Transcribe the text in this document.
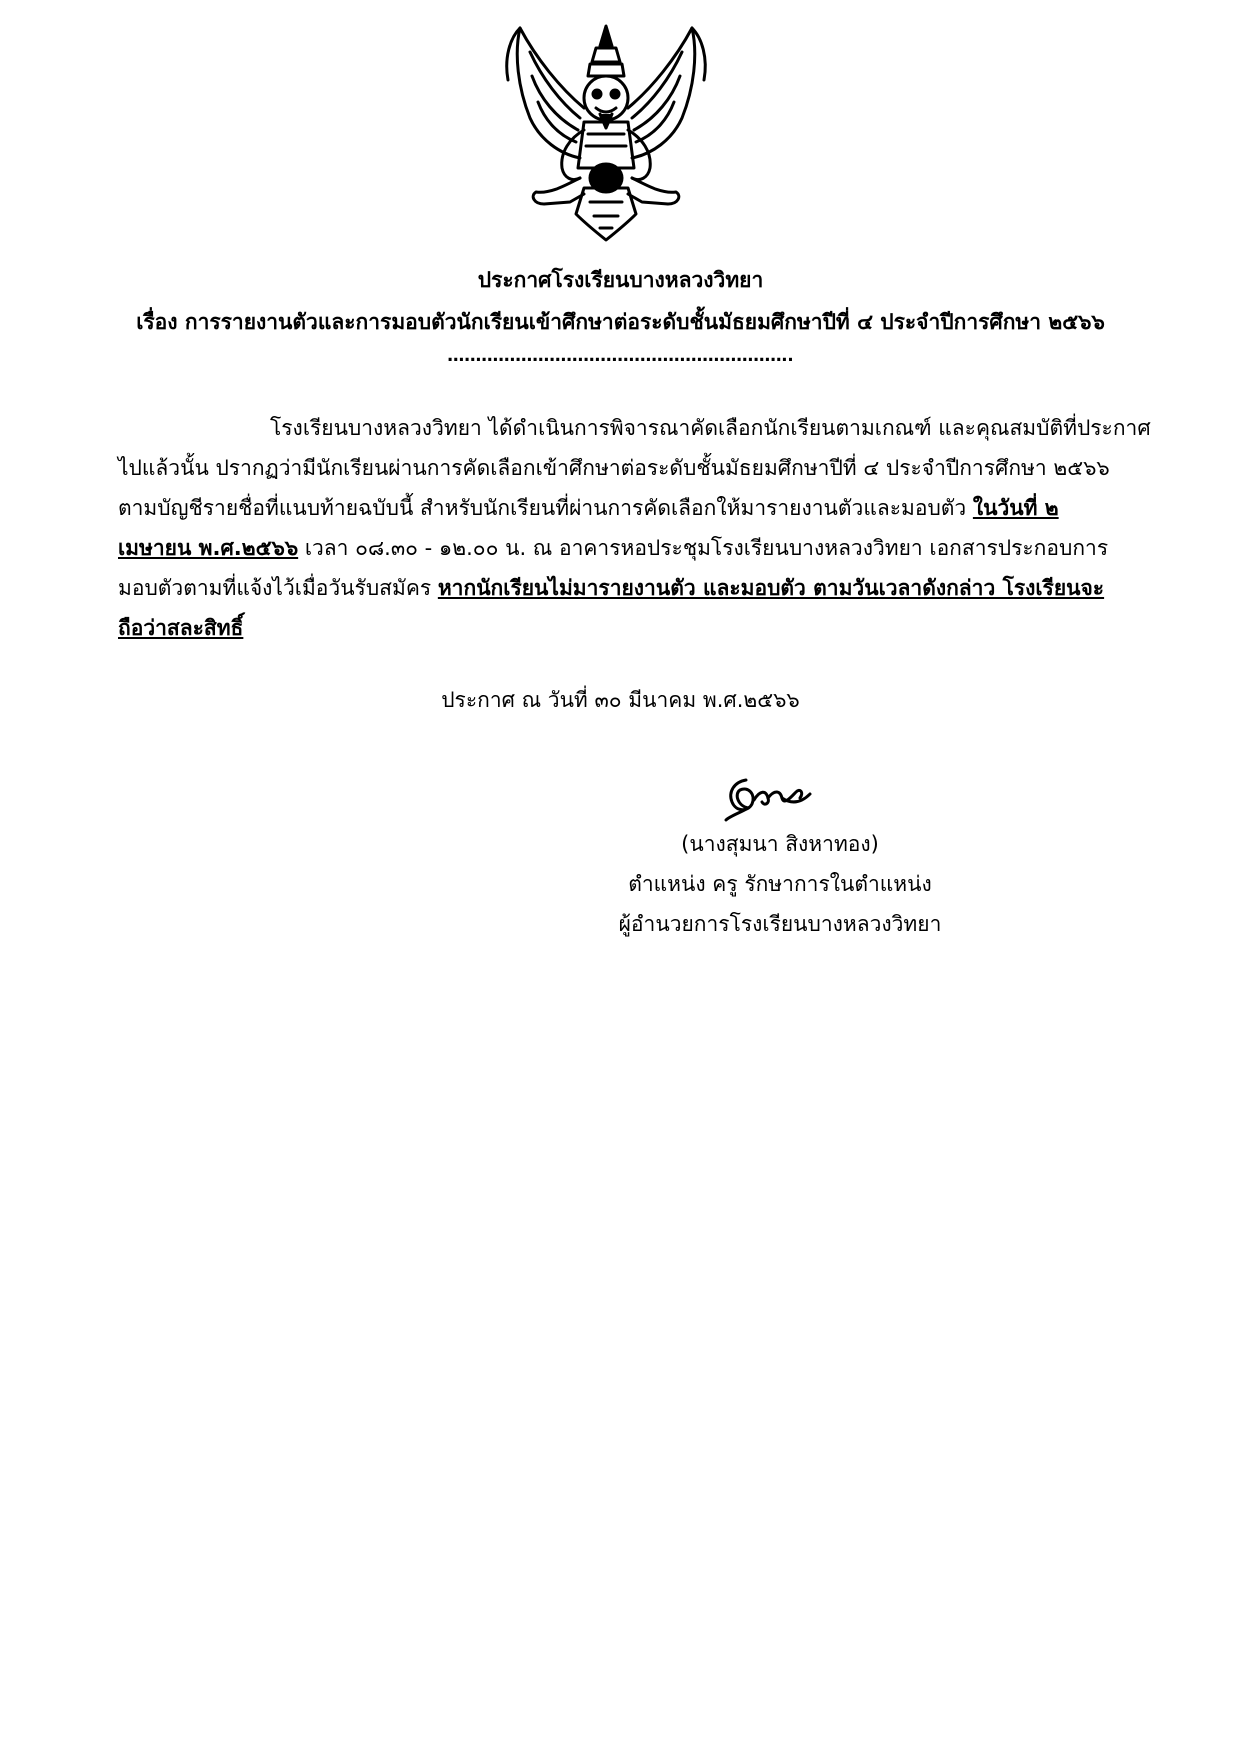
ประกาศโรงเรียนบางหลวงวิทยา
เรื่อง การรายงานตัวและการมอบตัวนักเรียนเข้าศึกษาต่อระดับชั้นมัธยมศึกษาปีที่ ๔ ประจำปีการศึกษา ๒๕๖๖
…………………………………………………….
โรงเรียนบางหลวงวิทยา ได้ดำเนินการพิจารณาคัดเลือกนักเรียนตามเกณฑ์ และคุณสมบัติที่ประกาศ
ไปแล้วนั้น ปรากฏว่ามีนักเรียนผ่านการคัดเลือกเข้าศึกษาต่อระดับชั้นมัธยมศึกษาปีที่ ๔ ประจำปีการศึกษา ๒๕๖๖
ตามบัญชีรายชื่อที่แนบท้ายฉบับนี้ สำหรับนักเรียนที่ผ่านการคัดเลือกให้มารายงานตัวและมอบตัว ในวันที่ ๒
เมษายน พ.ศ.๒๕๖๖ เวลา ๐๘.๓๐ - ๑๒.๐๐ น. ณ อาคารหอประชุมโรงเรียนบางหลวงวิทยา เอกสารประกอบการ
มอบตัวตามที่แจ้งไว้เมื่อวันรับสมัคร หากนักเรียนไม่มารายงานตัว และมอบตัว ตามวันเวลาดังกล่าว โรงเรียนจะ
ถือว่าสละสิทธิ์
ประกาศ ณ วันที่ ๓๐ มีนาคม พ.ศ.๒๕๖๖
(นางสุมนา สิงหาทอง)
ตำแหน่ง ครู รักษาการในตำแหน่ง
ผู้อำนวยการโรงเรียนบางหลวงวิทยา
